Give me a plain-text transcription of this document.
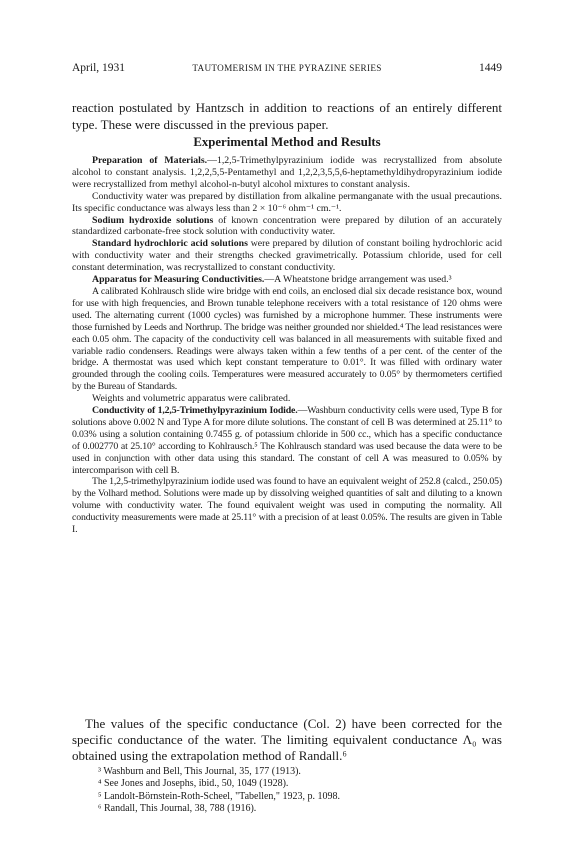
April, 1931	TAUTOMERISM IN THE PYRAZINE SERIES	1449

reaction postulated by Hantzsch in addition to reactions of an entirely different type. These were discussed in the previous paper.

Experimental Method and Results

Preparation of Materials.—1,2,5-Trimethylpyrazinium iodide was recrystallized from absolute alcohol to constant analysis. 1,2,2,5,5-Pentamethyl and 1,2,2,3,5,5,6-heptamethyldihydropyrazinium iodide were recrystallized from methyl alcohol-n-butyl alcohol mixtures to constant analysis.

Conductivity water was prepared by distillation from alkaline permanganate with the usual precautions. Its specific conductance was always less than 2 × 10⁻⁶ ohm⁻¹ cm.⁻¹.

Sodium hydroxide solutions of known concentration were prepared by dilution of an accurately standardized carbonate-free stock solution with conductivity water.

Standard hydrochloric acid solutions were prepared by dilution of constant boiling hydrochloric acid with conductivity water and their strengths checked gravimetrically. Potassium chloride, used for cell constant determination, was recrystallized to constant conductivity.

Apparatus for Measuring Conductivities.—A Wheatstone bridge arrangement was used.³

A calibrated Kohlrausch slide wire bridge with end coils, an enclosed dial six decade resistance box, wound for use with high frequencies, and Brown tunable telephone receivers with a total resistance of 120 ohms were used. The alternating current (1000 cycles) was furnished by a microphone hummer. These instruments were those furnished by Leeds and Northrup. The bridge was neither grounded nor shielded.⁴ The lead resistances were each 0.05 ohm. The capacity of the conductivity cell was balanced in all measurements with suitable fixed and variable radio condensers. Readings were always taken within a few tenths of a per cent. of the center of the bridge. A thermostat was used which kept constant temperature to 0.01°. It was filled with ordinary water grounded through the cooling coils. Temperatures were measured accurately to 0.05° by thermometers certified by the Bureau of Standards.

Weights and volumetric apparatus were calibrated.

Conductivity of 1,2,5-Trimethylpyrazinium Iodide.—Washburn conductivity cells were used, Type B for solutions above 0.002 N and Type A for more dilute solutions. The constant of cell B was determined at 25.11° to 0.03% using a solution containing 0.7455 g. of potassium chloride in 500 cc., which has a specific conductance of 0.002770 at 25.10° according to Kohlrausch.⁵ The Kohlrausch standard was used because the data were to be used in conjunction with other data using this standard. The constant of cell A was measured to 0.05% by intercomparison with cell B.

The 1,2,5-trimethylpyrazinium iodide used was found to have an equivalent weight of 252.8 (calcd., 250.05) by the Volhard method. Solutions were made up by dissolving weighed quantities of salt and diluting to a known volume with conductivity water. The found equivalent weight was used in computing the normality. All conductivity measurements were made at 25.11° with a precision of at least 0.05%. The results are given in Table I.

The values of the specific conductance (Col. 2) have been corrected for the specific conductance of the water. The limiting equivalent conductance Λ₀ was obtained using the extrapolation method of Randall.⁶

³ Washburn and Bell, This Journal, 35, 177 (1913).
⁴ See Jones and Josephs, ibid., 50, 1049 (1928).
⁵ Landolt-Börnstein-Roth-Scheel, "Tabellen," 1923, p. 1098.
⁶ Randall, This Journal, 38, 788 (1916).
